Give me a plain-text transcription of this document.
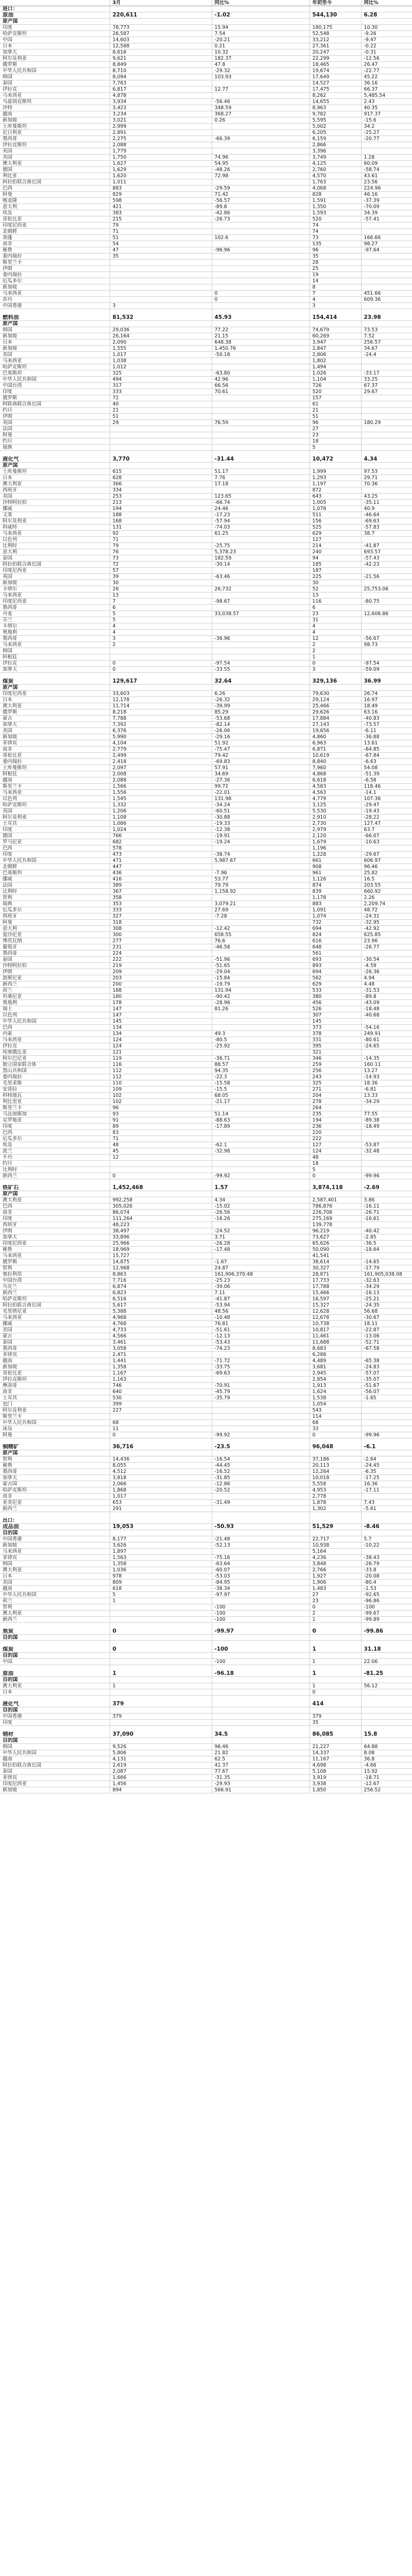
	3月	同比%	年初至今	同比%
进口：				
原油	220,611	-1.02	544,130	6.28
原产国				
印度	78,773	15.94	180,175	10.30
哈萨克斯坦	26,587	7.54	52,548	-9.26
中国	14,603	-20.21	33,212	-9.47
日本	12,588	0.21	27,361	-0.22
加拿大	8,616	10.32	20,247	-0.31
阿尔及利亚	9,621	182.37	22,299	-12.56
俄罗斯	8,849	47.8	18,465	26.47
中华人民共和国	8,710	-29.32	19,674	-22.77
韩国	8,094	103.93	17,649	45.22
泰国	7,763		14,527	36.16
伊拉克	6,817	12.77	17,475	66.37
马来西亚	4,878		8,262	5,485.54
乌兹别克斯坦	3,934	-56.46	14,655	2.43
沙特	3,423	348.59	8,963	40.35
越南	3,234	368.27	9,782	917.37
新加坡	3,021	0.26	5,595	-15.6
土库曼斯坦	2,999		5,002	34.2
尼日利亚	2,891		6,205	-25.27
墨西哥	2,275	-66.39	6,159	-20.77
伊拉克斯坦	2,088		2,866	
英国	1,779		3,396	
美国	1,750	74.96	3,749	1.28
澳大利亚	1,627	54.95	4,125	60.09
德国	1,629	-48.26	2,760	-58.74
利比亚	1,620	72.98	4,570	43.61
阿拉伯联合酋长国	1,011		1,763	23.56
巴西	883	-29.59	4,068	224.96
阿曼	829	71.42	828	46.16
喀麦隆	598	-56.57	1,591	-37.39
意大利	421	-89.8	1,350	-70.09
埃及	383	-42.86	1,593	34.39
哥伦比亚	215	-26.73	520	-57.41
印度尼西亚	79		74	
北朝鲜	71		74	
加蓬	51	102.6	73	166.66
南非	54		135	98.27
秘鲁	47	-96.96	96	-97.64
委内瑞拉	35		35	
斯里兰卡			28	
伊朗			25	
委内瑞拉			19	
厄瓜多尔			14	
新加坡			8	
马来西亚		0	7	451.66
苏丹		0	4	609.36
中国香港	3		3	

燃料油	81,532	45.93	154,414	23.98
原产国				
韩国	29,036	77.22	74,679	73.53
新加坡	26,164	21.15	60,269	7.52
日本	2,090	648.38	3,947	256.57
新加坡	1,555	1,450.76	2,847	34.67
美国	1,017	-50.18	2,806	-24.4
马来西亚	1,038		1,802	
哈萨克斯坦	1,012		1,494	
巴基斯坦	325	-63.80	1,026	-33.17
中华人民共和国	494	42.96	1,104	33.25
中国台湾	317	66.56	726	67.37
印度	333	70.61	520	29.67
俄罗斯	72		157	
阿联酋联合酋长国	40		61	
约旦	21		21	
伊朗	51		51	
英国	29	76.59	96	180.29
法国			27	
阿曼			23	
约旦			18	
瑞典			5	

液化气	3,770	-31.44	10,472	4.34
原产国				
土库曼斯坦	615	51.17	1,999	97.53
日本	628	7.76	1,293	29.71
澳大利亚	366	17.18	1,197	70.36
西班牙	334		872	
美国	253	123.65	643	43.25
沙特阿拉伯	213	-66.74	1,005	-35.11
挪威	194	24.46	1,078	40.9
文莱	188	-17.23	511	-46.64
阿尔及利亚	168	-57.94	156	-69.63
科威特	131	-74.03	525	-57.83
马来西亚	92	61.25	629	38.7
以色列	71		127	
比利时	79	-25.75	214	-41.87
意大利	76	5,378.23	240	693.57
泰国	73	182.59	94	-57.43
阿拉伯联合酋长国	72	-30.14	185	-42.23
印度尼西亚	57		187	
英国	39	-63.46	225	-21.56
新加坡	30		30	
卡塔尔	26	26,732	52	25,753.06
马来西亚	13		13	
印度尼西亚	7	-98.67	116	-80.75
墨西哥	6		6	
丹麦	5	33,038.57	23	12,606.86
芬兰	5		31	
卡塔尔	4		4	
奥地利	4		4	
墨西哥	3	-36.96	12	-56.67
马来西亚	2		2	98.73
韩国			2	
阿根廷			1	
伊拉克	0	-97.54	0	-97.54
加拿大	0	-33.55	3	-59.09

煤炭	129,617	32.64	329,136	36.99
原产国				
印度尼西亚	33,603	6.26	79,630	26.74
日本	12,178	-26.32	29,124	16.97
澳大利亚	11,714	-39.99	25,466	18.49
俄罗斯	8,218	85.29	29,626	63.16
蒙古	7,788	-53.68	17,884	-40.83
加拿大	7,392	-82.14	27,143	-73.57
美国	6,376	-26.06	19,656	-6.11
新加坡	5,990	-29.16	4,860	-36.88
菲律宾	4,104	51.92	6,963	13.61
南非	2,779	-75.47	6,871	-64.85
哥伦比亚	2,499	79.42	10,619	-67.84
委内瑞拉	2,418	-69.83	8,840	-6.63
土库曼斯坦	2,097	57.91	7,960	54.08
阿根廷	2,008	34.69	4,868	-51.39
越南	2,088	-27.36	6,618	-6.58
斯里兰卡	1,566	99.72	4,583	118.46
马来西亚	1,556	-22.01	4,563	-14.1
以色列	1,545	131.98	4,779	107.36
哈萨克斯坦	1,332	-34.24	3,125	-29.47
英国	1,206	-60.51	5,530	-19.43
阿尔及利亚	1,108	-30.88	2,910	-28.22
土耳其	1,086	-19.33	2,730	127.47
印度	1,024	-12.38	2,979	63.7
德国	766	-19.91	2,120	-66.07
罗马尼亚	682	-19.24	1,679	-10.63
巴西	578		1,196	
印度	473	-38.74	1,228	-29.67
中华人民共和国	471	5,987.67	661	606.97
北朝鲜	447		908	96.46
巴基斯坦	436	-7.96	961	25.82
挪威	416	53.77	1,126	16.5
法国	389	79.79	874	203.55
比利时	367	1,158.92	839	660.92
智利	358		1,178	2.26
瑞典	353	3,079.21	883	2,209.74
厄瓜多尔	333	27.69	1,091	48.72
西班牙	327	-7.28	1,074	-24.31
阿曼	318		732	-32.95
意大利	308	-12.42	694	-42.92
爱沙尼亚	300	658.55	824	625.85
博茨瓦纳	277	76.6	616	23.96
葡萄牙	231	-46.58	648	-26.77
墨西哥	224		561	
泰国	222	-51.96	693	-30.54
沙特阿拉伯	219	-51.65	893	-4.59
伊朗	209	-29.04	694	-26.36
波斯尼亚	203	-15.84	562	4.94
新西兰	200	-19.79	629	4.48
荷兰	188	131.94	533	-31.53
坦桑尼亚	180	-90.42	380	-89.8
奥地利	178	-28.96	456	-43.09
瑞士	147	81.26	526	-18.48
以色列	147		307	-40.68
中华人民共和国	145		145	
巴西	134		373	-54.16
内蒙	134	49.3	378	249.91
马来西亚	124	-80.5	331	-80.61
伊拉克	124	-25.92	395	-24.65
埃塞俄比亚	121		321	
阿尔巴尼亚	119	-36.71	346	-14.35
独立国家联合体	116	88.57	259	160.11
黑山共和国	112	94.35	256	13.27
委内瑞拉	112	-22.3	243	-14.93
毛里求斯	110	-15.58	325	18.36
安哥拉	109	-15.5	271	-6.81
科特迪瓦	102	68.05	204	13.33
利比里亚	102	-21.17	278	-34.29
斯里兰卡	96		264	
马达加斯加	93	51.14	235	77.55
克罗地亚	91	-88.63	194	-89.38
印度	89	-17.89	236	-18.49
巴西	83		220	
厄瓜多尔	71		222	
埃及	48	-62.1	127	-53.87
波兰	45	-32.98	124	-32.48
不丹	12		48	
约旦			18	
比利时			5	
新西兰	0	-99.92	0	-99.96

铁矿石	1,452,468	1.57	3,874,118	-2.69
原产国				
澳大利亚	992,258	4.34	2,587,401	3.86
巴西	305,026	-15.02	786,876	-16.11
南非	86,074	-26.56	226,708	-26.71
印度	111,264	-16.26	275,169	-16.61
西班牙	48,223		139,778	
伊朗	38,497	-24.52	96,219	-40.42
加拿大	33,896	3.71	73,627	-2.85
印度尼西亚	25,966	-26.28	65,626	-36.5
秘鲁	18,969	-17.48	50,090	-18.64
马来西亚	15,727		41,541	
俄罗斯	14,875	-1.67	38,614	-14.65
智利	12,968	24.87	30,327	-17.79
塞拉利昂	8,863	161,906,370.48	28,871	161,905,038.08
中国台湾	7,716	-25.23	17,733	-32.63
乌克兰	6,874	-39.06	17,788	-34.29
新西兰	6,823	7.11	15,466	-16.13
哈萨克斯坦	6,516	-41.87	16,597	-25.21
阿拉伯联合酋长国	5,617	-53.94	15,327	-24.35
毛里塔尼亚	5,388	48.56	12,628	56.68
马来西亚	4,968	-10.48	12,678	-30.67
挪威	4,768	76.81	10,738	18.11
美国	4,733	-51.61	10,817	-22.87
蒙古	4,566	-12.13	11,461	-13.06
泰国	3,461	-53.43	11,688	-52.71
墨西哥	3,058	-74.23	8,683	-67.58
菲律宾	2,471		6,288	
越南	1,441	-71.72	4,489	-65.38
新加坡	1,358	-33.75	3,681	-24.83
哥伦比亚	1,167	-69.63	2,945	-57.07
伊拉克斯坦	1,163		2,854	-35.07
摩洛哥	746	-70.91	1,913	-51.67
南非	640	-45.79	1,624	-56.07
土耳其	530	-35.79	1,538	-1.65
也门	399		1,054	
阿尔及利亚	227		543	
斯里兰卡			114	
中华人民共和国	68		68	
冰岛	11		33	
阿曼	0	-99.92	0	-99.96

铜精矿	36,716	-23.5	96,048	-6.1
原产国				
智利	14,436	-16.54	37,186	-2.64
秘鲁	8,055	-44.45	20,113	-24.45
墨西哥	4,512	-16.52	12,264	-6.35
加拿大	3,818	-31.85	10,018	-17.25
蒙古国	2,066	-12.86	5,558	16.36
哈萨克斯坦	1,868	-20.52	4,953	-17.11
南非	1,017		2,778	
亚美尼亚	653	-31.49	1,878	7.43
新西兰	291		1,302	-5.61

出口：				
成品油	19,053	-50.93	51,529	-8.46
目的国				
中国香港	8,177	-21.48	22,717	5.7
新加坡	3,626	-52.13	10,938	-10.22
马来西亚	1,897		5,164	
菲律宾	1,563	-75.16	4,236	-38.43
韩国	1,358	-63.64	3,848	-26.79
澳大利亚	1,036	-60.07	2,766	-33.8
日本	978	-53.03	1,927	-20.08
美国	809	-84.95	1,906	-80.4
越南	618	-38.34	1,483	-1.53
中华人民共和国	5	-97.97	27	-92.65
荷兰	1		23	-96.86
智利		-100	0	-100
澳大利亚		-100	2	-99.67
新西兰		-100	1	-99.89

焦炭	0	-99.97	0	-99.86
目的国				

煤炭	0	-100	1	31.18
目的国				
中国		-100	1	22.06

原油	1	-96.18	1	-81.25
目的国				
澳大利亚	1		1	56.12
日本			0	

液化气	379		414	
目的国				
中国香港	379		379	
印度			35	

钢材	37,090	34.5	86,085	15.8
目的国				
韩国	9,526	96.46	21,227	64.88
中华人民共和国	5,806	21.82	14,337	8.08
越南	4,131	62.5	11,167	36.8
阿拉伯联合酋长国	2,619	41.37	4,698	-4.66
泰国	2,087	77.67	5,108	15.92
菲律宾	1,666	-31.35	3,919	-18.71
印度尼西亚	1,456	-29.93	3,938	-12.67
新加坡	894	566.91	1,850	256.52
